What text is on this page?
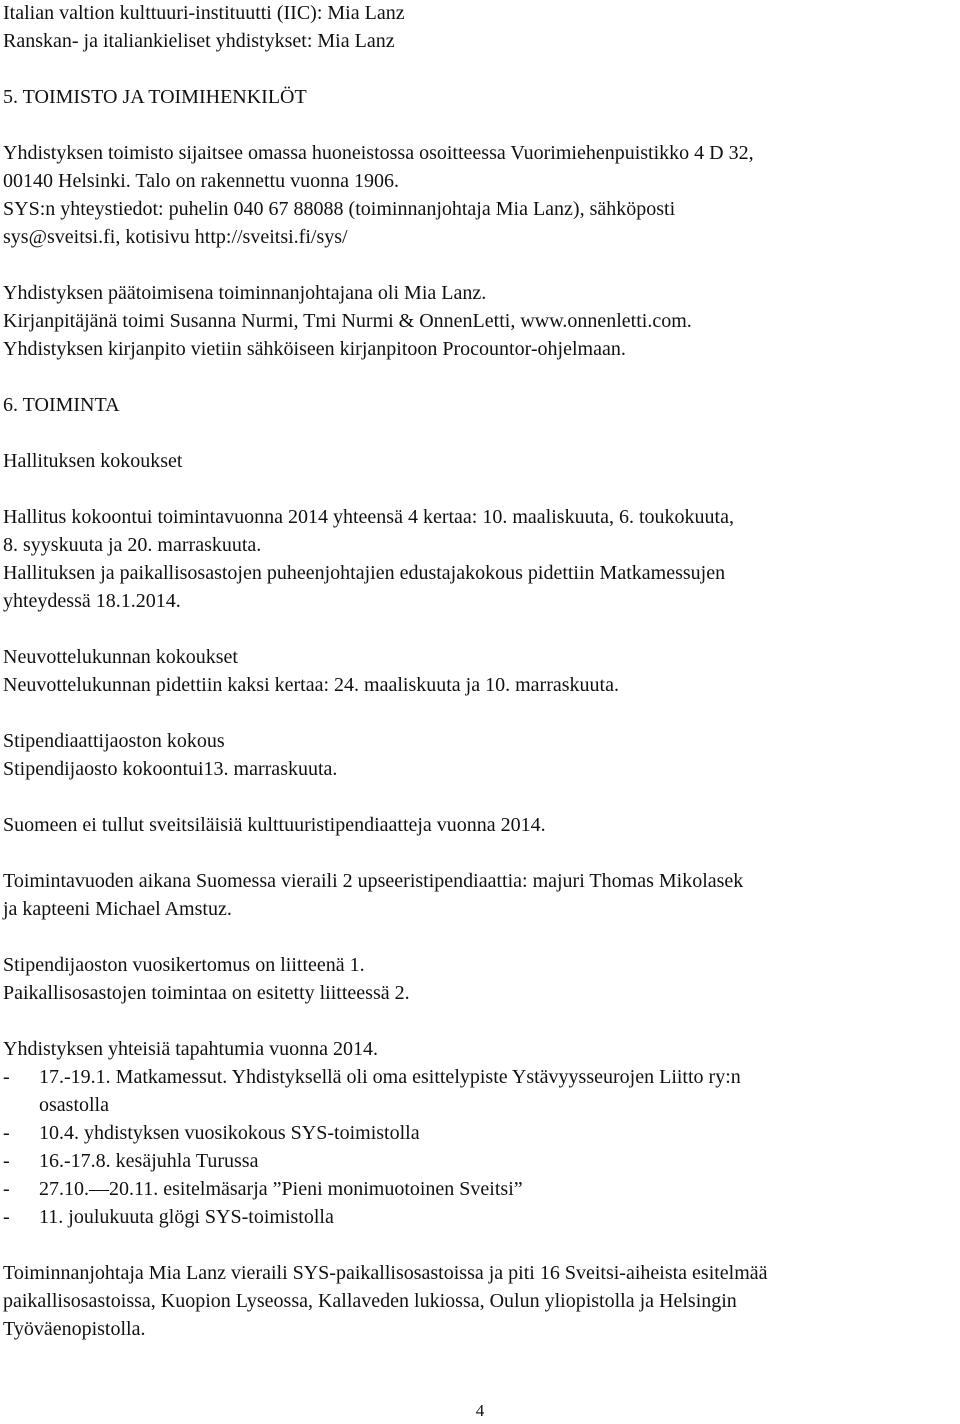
Italian valtion kulttuuri-instituutti (IIC): Mia Lanz
Ranskan- ja italiankieliset yhdistykset: Mia Lanz
5. TOIMISTO JA TOIMIHENKILÖT
Yhdistyksen toimisto sijaitsee omassa huoneistossa osoitteessa Vuorimiehenpuistikko 4 D 32,
00140 Helsinki. Talo on rakennettu vuonna 1906.
SYS:n yhteystiedot: puhelin 040 67 88088 (toiminnanjohtaja Mia Lanz), sähköposti
sys@sveitsi.fi, kotisivu http://sveitsi.fi/sys/
Yhdistyksen päätoimisena toiminnanjohtajana oli Mia Lanz.
Kirjanpitäjänä toimi Susanna Nurmi, Tmi Nurmi & OnnenLetti, www.onnenletti.com.
Yhdistyksen kirjanpito vietiin sähköiseen kirjanpitoon Procountor-ohjelmaan.
6. TOIMINTA
Hallituksen kokoukset
Hallitus kokoontui toimintavuonna 2014 yhteensä 4 kertaa: 10. maaliskuuta, 6. toukokuuta,
8. syyskuuta ja 20. marraskuuta.
Hallituksen ja paikallisosastojen puheenjohtajien edustajakokous pidettiin Matkamessujen
yhteydessä 18.1.2014.
Neuvottelukunnan kokoukset
Neuvottelukunnan pidettiin kaksi kertaa: 24. maaliskuuta ja 10. marraskuuta.
Stipendiaattijaoston kokous
Stipendijaosto kokoontui13. marraskuuta.
Suomeen ei tullut sveitsiläisiä kulttuuristipendiaatteja vuonna 2014.
Toimintavuoden aikana Suomessa vieraili 2 upseeristipendiaattia: majuri Thomas Mikolasek
ja kapteeni Michael Amstuz.
Stipendijaoston vuosikertomus on liitteenä 1.
Paikallisosastojen toimintaa on esitetty liitteessä 2.
Yhdistyksen yhteisiä tapahtumia vuonna 2014.
- 17.-19.1. Matkamessut. Yhdistyksellä oli oma esittelypiste Ystävyysseurojen Liitto ry:n
osastolla
- 10.4. yhdistyksen vuosikokous SYS-toimistolla
- 16.-17.8. kesäjuhla Turussa
- 27.10.—20.11. esitelmäsarja ”Pieni monimuotoinen Sveitsi”
- 11. joulukuuta glögi SYS-toimistolla
Toiminnanjohtaja Mia Lanz vieraili SYS-paikallisosastoissa ja piti 16 Sveitsi-aiheista esitelmää
paikallisosastoissa, Kuopion Lyseossa, Kallaveden lukiossa, Oulun yliopistolla ja Helsingin
Työväenopistolla.
4
